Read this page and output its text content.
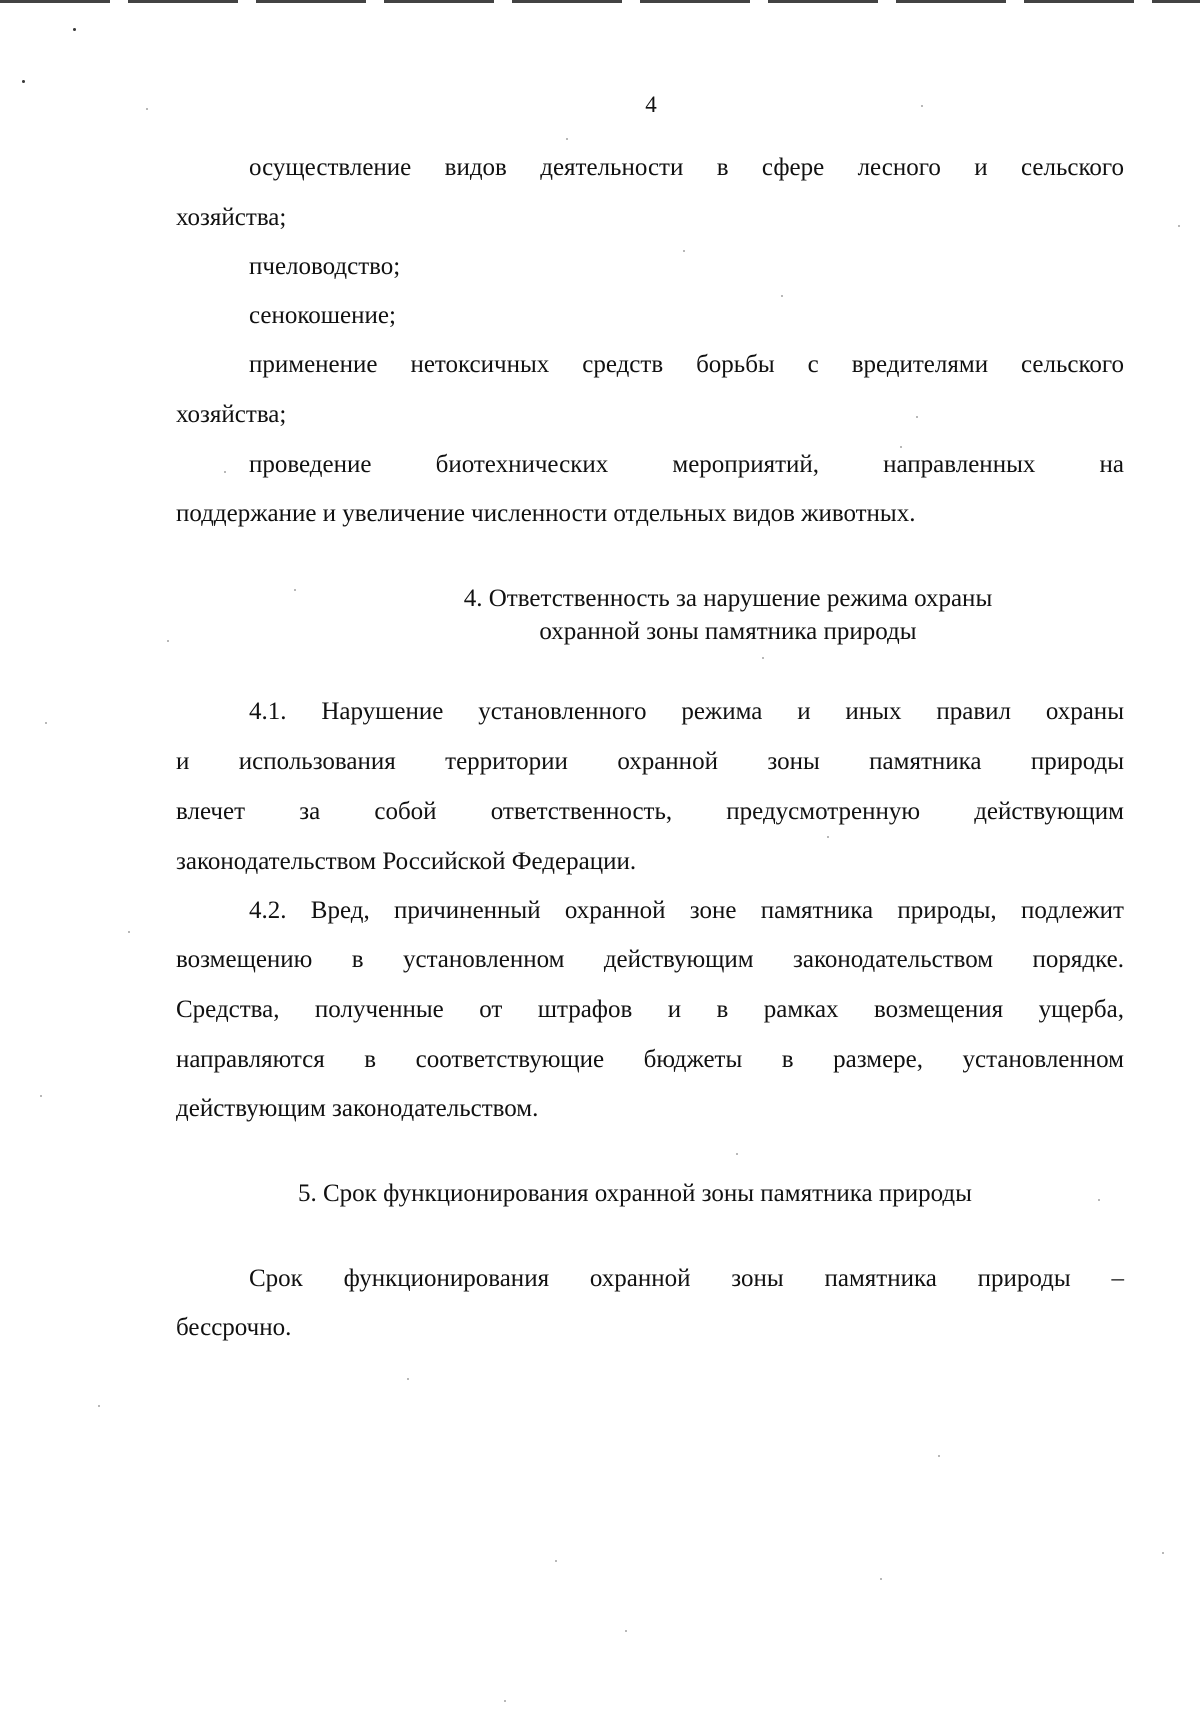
4

осуществление видов деятельности в сфере лесного и сельского

хозяйства;

пчеловодство;

сенокошение;

применение нетоксичных средств борьбы с вредителями сельского

хозяйства;

проведение биотехнических мероприятий, направленных на

поддержание и увеличение численности отдельных видов животных.

4. Ответственность за нарушение режима охраны
охранной зоны памятника природы

4.1. Нарушение установленного режима и иных правил охраны

и использования территории охранной зоны памятника природы

влечет за собой ответственность, предусмотренную действующим

законодательством Российской Федерации.

4.2. Вред, причиненный охранной зоне памятника природы, подлежит

возмещению в установленном действующим законодательством порядке.

Средства, полученные от штрафов и в рамках возмещения ущерба,

направляются в соответствующие бюджеты в размере, установленном

действующим законодательством.

5. Срок функционирования охранной зоны памятника природы

Срок функционирования охранной зоны памятника природы –

бессрочно.
